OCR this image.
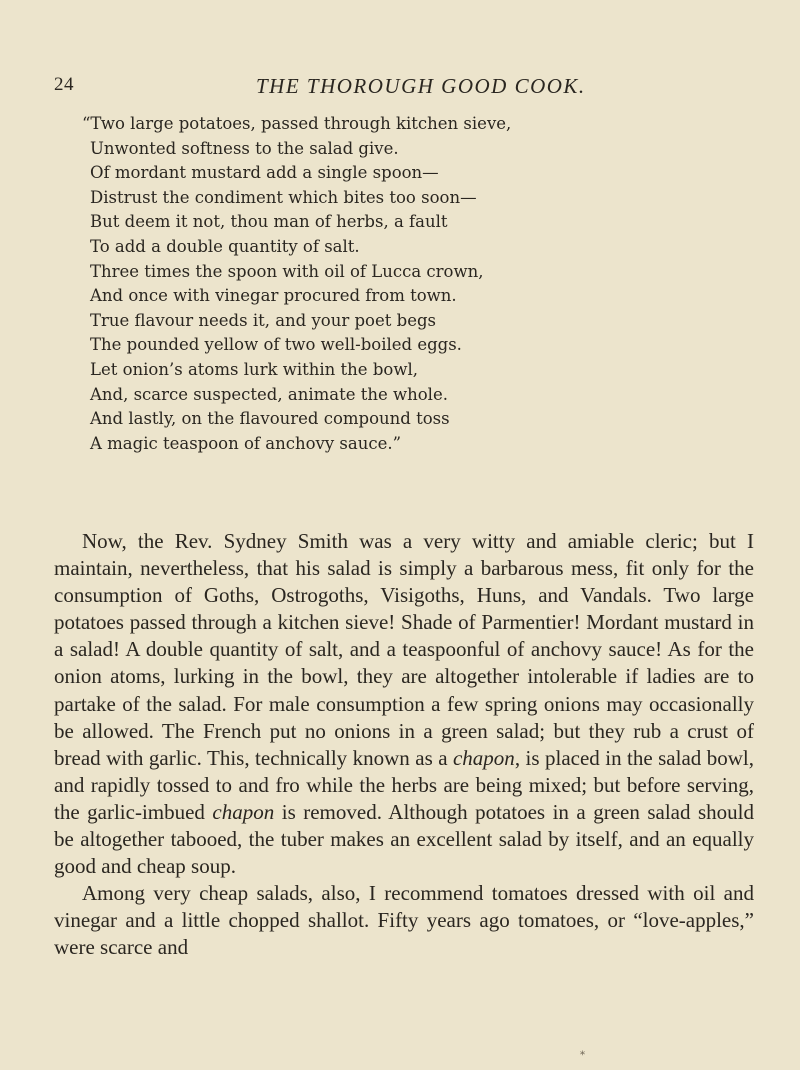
24	THE THOROUGH GOOD COOK.
“Two large potatoes, passed through kitchen sieve,
Unwonted softness to the salad give.
Of mordant mustard add a single spoon—
Distrust the condiment which bites too soon—
But deem it not, thou man of herbs, a fault
To add a double quantity of salt.
Three times the spoon with oil of Lucca crown,
And once with vinegar procured from town.
True flavour needs it, and your poet begs
The pounded yellow of two well-boiled eggs.
Let onion’s atoms lurk within the bowl,
And, scarce suspected, animate the whole.
And lastly, on the flavoured compound toss
A magic teaspoon of anchovy sauce.”

Now, the Rev. Sydney Smith was a very witty and amiable cleric; but I maintain, nevertheless, that his salad is simply a barbarous mess, fit only for the consumption of Goths, Ostrogoths, Visigoths, Huns, and Vandals. Two large potatoes passed through a kitchen sieve! Shade of Parmentier! Mordant mustard in a salad! A double quantity of salt, and a teaspoonful of anchovy sauce! As for the onion atoms, lurking in the bowl, they are altogether intolerable if ladies are to partake of the salad. For male consumption a few spring onions may occasionally be allowed. The French put no onions in a green salad; but they rub a crust of bread with garlic. This, technically known as a chapon, is placed in the salad bowl, and rapidly tossed to and fro while the herbs are being mixed; but before serving, the garlic-imbued chapon is removed. Although potatoes in a green salad should be altogether tabooed, the tuber makes an excellent salad by itself, and an equally good and cheap soup.

Among very cheap salads, also, I recommend tomatoes dressed with oil and vinegar and a little chopped shallot. Fifty years ago tomatoes, or “love-apples,” were scarce and

*
